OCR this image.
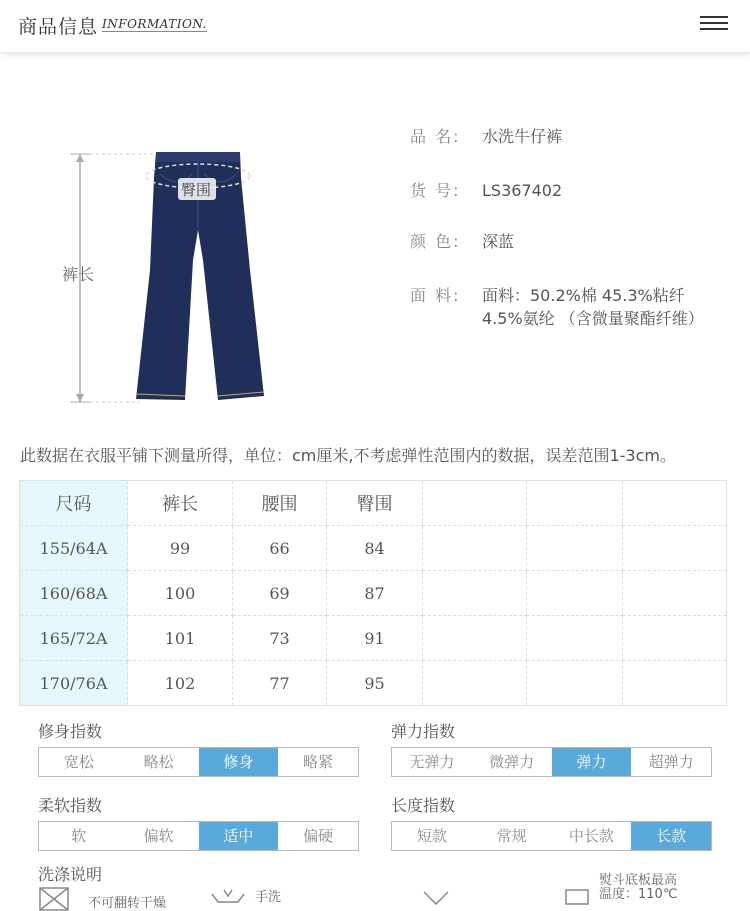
商品信息 INFORMATION.
臀围
裤长
品 名: 水洗牛仔裤
货 号: LS367402
颜 色: 深蓝
面 料: 面料：50.2%棉 45.3%粘纤
4.5%氨纶 （含微量聚酯纤维）
此数据在衣服平铺下测量所得，单位：cm厘米,不考虑弹性范围内的数据，误差范围1-3cm。
尺码	裤长	腰围	臀围			
155/64A	99	66	84			
160/68A	100	69	87			
165/72A	101	73	91			
170/76A	102	77	95			
修身指数
宽松	略松	修身	略紧
弹力指数
无弹力	微弹力	弹力	超弹力
柔软指数
软	偏软	适中	偏硬
长度指数
短款	常规	中长款	长款
洗涤说明
不可翻转干燥	手洗
熨斗底板最高
温度：110℃
